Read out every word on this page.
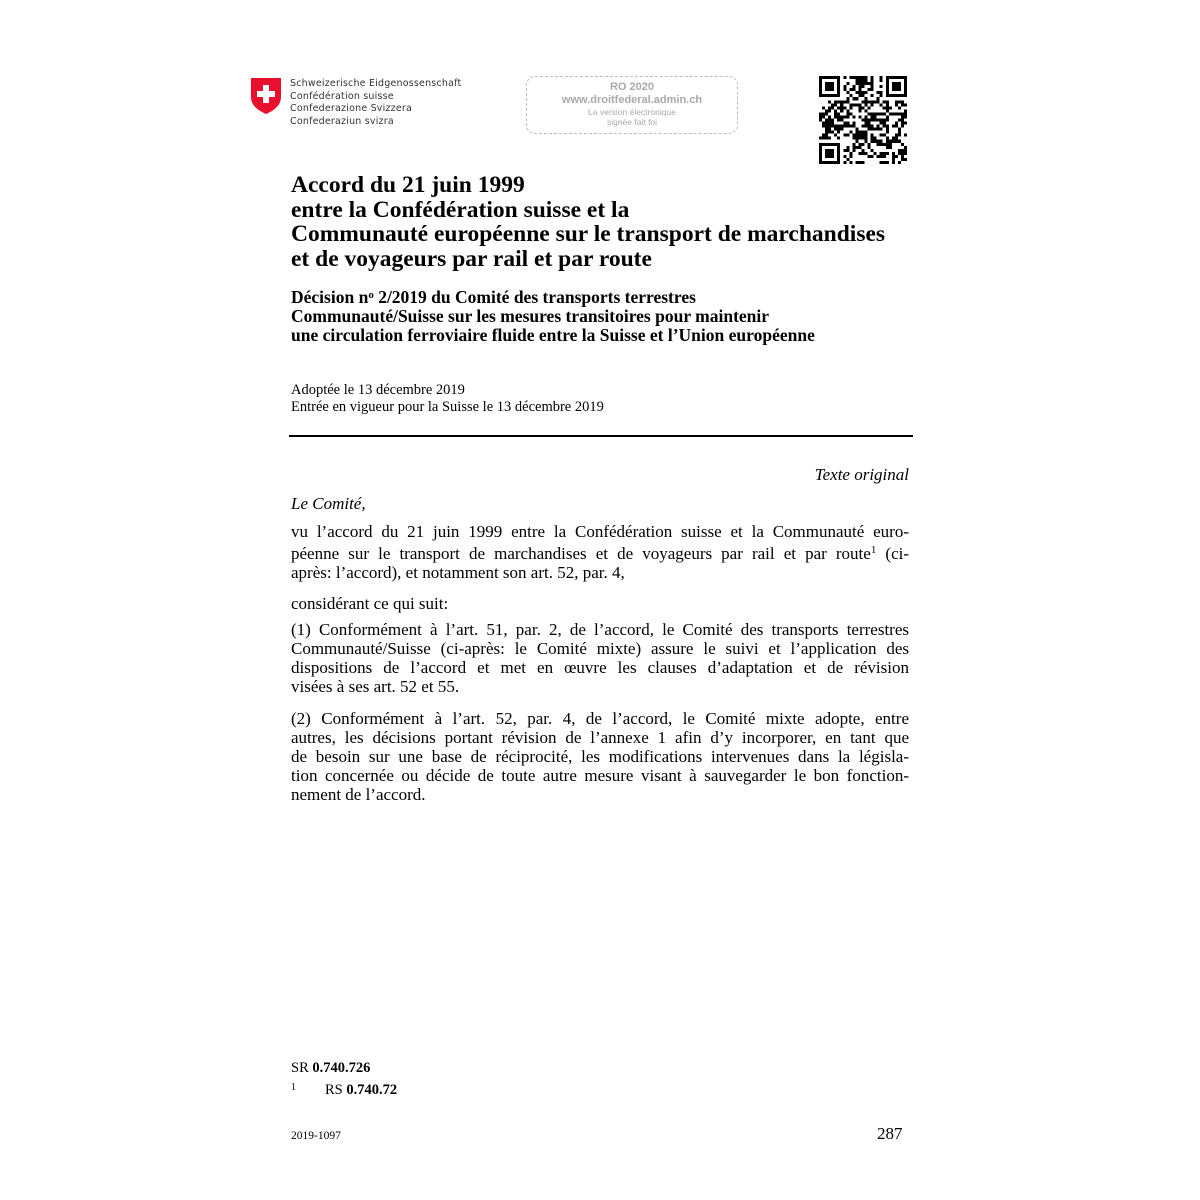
Schweizerische Eidgenossenschaft
Confédération suisse
Confederazione Svizzera
Confederaziun svizra
RO 2020
www.droitfederal.admin.ch
La version électronique
signée fait foi
Accord du 21 juin 1999
entre la Confédération suisse et la
Communauté européenne sur le transport de marchandises
et de voyageurs par rail et par route
Décision $n^o$ 2/2019 du Comité des transports terrestres
Communauté/Suisse sur les mesures transitoires pour maintenir
une circulation ferroviaire fluide entre la Suisse et l’Union européenne
Adoptée le 13 décembre 2019
Entrée en vigueur pour la Suisse le 13 décembre 2019
Texte original
Le Comité,
vu l’accord du 21 juin 1999 entre la Confédération suisse et la Communauté euro-
péenne sur le transport de marchandises et de voyageurs par rail et par route$^1$ (ci-
après: l’accord), et notamment son art. 52, par. 4,
considérant ce qui suit:
(1) Conformément à l’art. 51, par. 2, de l’accord, le Comité des transports terrestres
Communauté/Suisse (ci-après: le Comité mixte) assure le suivi et l’application des
dispositions de l’accord et met en œuvre les clauses d’adaptation et de révision
visées à ses art. 52 et 55.
(2) Conformément à l’art. 52, par. 4, de l’accord, le Comité mixte adopte, entre
autres, les décisions portant révision de l’annexe 1 afin d’y incorporer, en tant que
de besoin sur une base de réciprocité, les modifications intervenues dans la législa-
tion concernée ou décide de toute autre mesure visant à sauvegarder le bon fonction-
nement de l’accord.
SR 0.740.726
1 RS 0.740.72
2019-1097	287
